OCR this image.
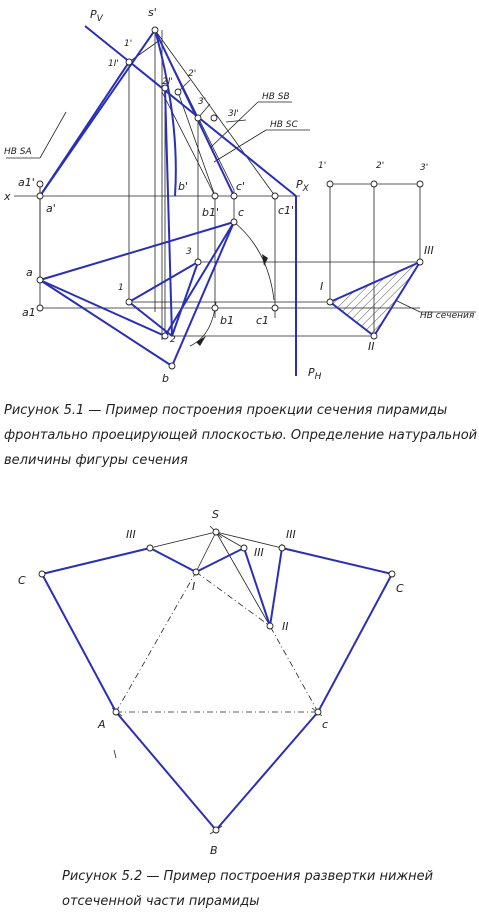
$P_V$	s'
1'
1I'
2'
2I'
3'
3I'
HB SB
HB SC
HB SA
a1'
x
a'
b'
b1'
c'
c1'
$P_X$
c
a
a1
1
3
2
b1 c1
b	$P_H$
1'	2'	3'
I
III
II
HB сечения

Рисунок 5.1 — Пример построения проекции сечения пирамиды
фронтально проецирующей плоскостью. Определение натуральной
величины фигуры сечения

S
III
III
III
C
C
I
II
A	c
B

Рисунок 5.2 — Пример построения развертки нижней
отсеченной части пирамиды
